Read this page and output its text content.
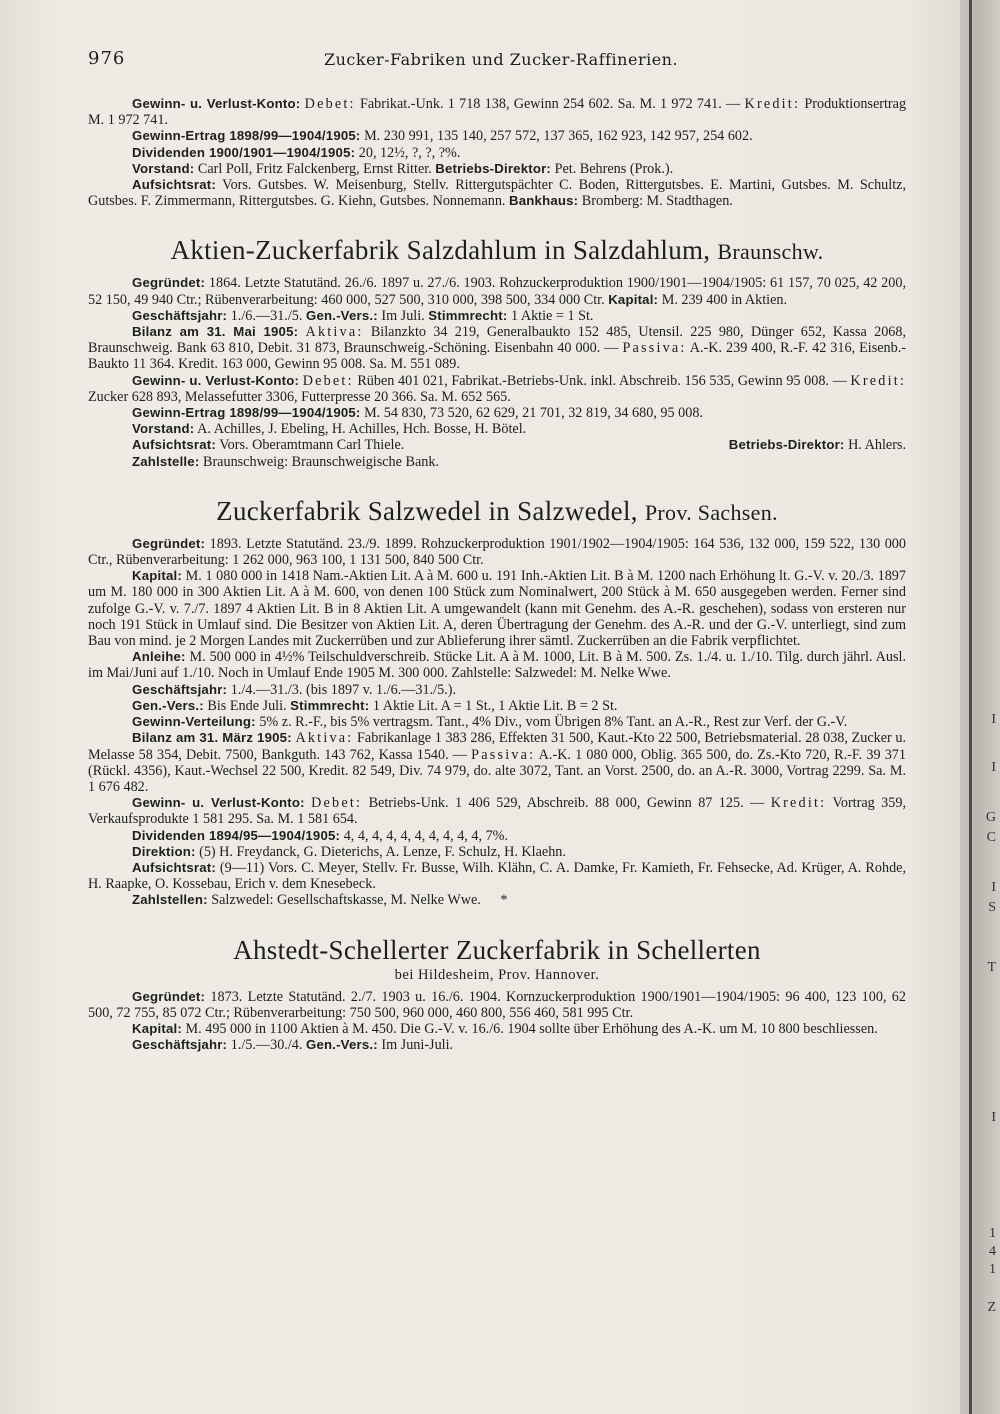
976	Zucker-Fabriken und Zucker-Raffinerien.

Gewinn- u. Verlust-Konto: Debet: Fabrikat.-Unk. 1 718 138, Gewinn 254 602. Sa. M. 1 972 741. — Kredit: Produktionsertrag M. 1 972 741.

Gewinn-Ertrag 1898/99—1904/1905: M. 230 991, 135 140, 257 572, 137 365, 162 923, 142 957, 254 602.

Dividenden 1900/1901—1904/1905: 20, 12½, ?, ?, ?%.

Vorstand: Carl Poll, Fritz Falckenberg, Ernst Ritter. Betriebs-Direktor: Pet. Behrens (Prok.).

Aufsichtsrat: Vors. Gutsbes. W. Meisenburg, Stellv. Rittergutspächter C. Boden, Rittergutsbes. E. Martini, Gutsbes. M. Schultz, Gutsbes. F. Zimmermann, Rittergutsbes. G. Kiehn, Gutsbes. Nonnemann. Bankhaus: Bromberg: M. Stadthagen.

Aktien-Zuckerfabrik Salzdahlum in Salzdahlum, Braunschw.

Gegründet: 1864. Letzte Statutänd. 26./6. 1897 u. 27./6. 1903. Rohzuckerproduktion 1900/1901—1904/1905: 61 157, 70 025, 42 200, 52 150, 49 940 Ctr.; Rübenverarbeitung: 460 000, 527 500, 310 000, 398 500, 334 000 Ctr. Kapital: M. 239 400 in Aktien.

Geschäftsjahr: 1./6.—31./5. Gen.-Vers.: Im Juli. Stimmrecht: 1 Aktie = 1 St.

Bilanz am 31. Mai 1905: Aktiva: Bilanzkto 34 219, Generalbaukto 152 485, Utensil. 225 980, Dünger 652, Kassa 2068, Braunschweig. Bank 63 810, Debit. 31 873, Braunschweig.-Schöning. Eisenbahn 40 000. — Passiva: A.-K. 239 400, R.-F. 42 316, Eisenb.-Baukto 11 364. Kredit. 163 000, Gewinn 95 008. Sa. M. 551 089.

Gewinn- u. Verlust-Konto: Debet: Rüben 401 021, Fabrikat.-Betriebs-Unk. inkl. Abschreib. 156 535, Gewinn 95 008. — Kredit: Zucker 628 893, Melassefutter 3306, Futterpresse 20 366. Sa. M. 652 565.

Gewinn-Ertrag 1898/99—1904/1905: M. 54 830, 73 520, 62 629, 21 701, 32 819, 34 680, 95 008.

Vorstand: A. Achilles, J. Ebeling, H. Achilles, Hch. Bosse, H. Bötel.

Aufsichtsrat: Vors. Oberamtmann Carl Thiele.	Betriebs-Direktor: H. Ahlers.

Zahlstelle: Braunschweig: Braunschweigische Bank.

Zuckerfabrik Salzwedel in Salzwedel, Prov. Sachsen.

Gegründet: 1893. Letzte Statutänd. 23./9. 1899. Rohzuckerproduktion 1901/1902—1904/1905: 164 536, 132 000, 159 522, 130 000 Ctr., Rübenverarbeitung: 1 262 000, 963 100, 1 131 500, 840 500 Ctr.

Kapital: M. 1 080 000 in 1418 Nam.-Aktien Lit. A à M. 600 u. 191 Inh.-Aktien Lit. B à M. 1200 nach Erhöhung lt. G.-V. v. 20./3. 1897 um M. 180 000 in 300 Aktien Lit. A à M. 600, von denen 100 Stück zum Nominalwert, 200 Stück à M. 650 ausgegeben werden. Ferner sind zufolge G.-V. v. 7./7. 1897 4 Aktien Lit. B in 8 Aktien Lit. A umgewandelt (kann mit Genehm. des A.-R. geschehen), sodass von ersteren nur noch 191 Stück in Umlauf sind. Die Besitzer von Aktien Lit. A, deren Übertragung der Genehm. des A.-R. und der G.-V. unterliegt, sind zum Bau von mind. je 2 Morgen Landes mit Zuckerrüben und zur Ablieferung ihrer sämtl. Zuckerrüben an die Fabrik verpflichtet.

Anleihe: M. 500 000 in 4½% Teilschuldverschreib. Stücke Lit. A à M. 1000, Lit. B à M. 500. Zs. 1./4. u. 1./10. Tilg. durch jährl. Ausl. im Mai/Juni auf 1./10. Noch in Umlauf Ende 1905 M. 300 000. Zahlstelle: Salzwedel: M. Nelke Wwe.

Geschäftsjahr: 1./4.—31./3. (bis 1897 v. 1./6.—31./5.).

Gen.-Vers.: Bis Ende Juli. Stimmrecht: 1 Aktie Lit. A = 1 St., 1 Aktie Lit. B = 2 St.

Gewinn-Verteilung: 5% z. R.-F., bis 5% vertragsm. Tant., 4% Div., vom Übrigen 8% Tant. an A.-R., Rest zur Verf. der G.-V.

Bilanz am 31. März 1905: Aktiva: Fabrikanlage 1 383 286, Effekten 31 500, Kaut.-Kto 22 500, Betriebsmaterial. 28 038, Zucker u. Melasse 58 354, Debit. 7500, Bankguth. 143 762, Kassa 1540. — Passiva: A.-K. 1 080 000, Oblig. 365 500, do. Zs.-Kto 720, R.-F. 39 371 (Rückl. 4356), Kaut.-Wechsel 22 500, Kredit. 82 549, Div. 74 979, do. alte 3072, Tant. an Vorst. 2500, do. an A.-R. 3000, Vortrag 2299. Sa. M. 1 676 482.

Gewinn- u. Verlust-Konto: Debet: Betriebs-Unk. 1 406 529, Abschreib. 88 000, Gewinn 87 125. — Kredit: Vortrag 359, Verkaufsprodukte 1 581 295. Sa. M. 1 581 654.

Dividenden 1894/95—1904/1905: 4, 4, 4, 4, 4, 4, 4, 4, 4, 4, 7%.

Direktion: (5) H. Freydanck, G. Dieterichs, A. Lenze, F. Schulz, H. Klaehn.

Aufsichtsrat: (9—11) Vors. C. Meyer, Stellv. Fr. Busse, Wilh. Klähn, C. A. Damke, Fr. Kamieth, Fr. Fehsecke, Ad. Krüger, A. Rohde, H. Raapke, O. Kossebau, Erich v. dem Knesebeck.

Zahlstellen: Salzwedel: Gesellschaftskasse, M. Nelke Wwe. *

Ahstedt-Schellerter Zuckerfabrik in Schellerten
bei Hildesheim, Prov. Hannover.

Gegründet: 1873. Letzte Statutänd. 2./7. 1903 u. 16./6. 1904. Kornzuckerproduktion 1900/1901—1904/1905: 96 400, 123 100, 62 500, 72 755, 85 072 Ctr.; Rübenverarbeitung: 750 500, 960 000, 460 800, 556 460, 581 995 Ctr.

Kapital: M. 495 000 in 1100 Aktien à M. 450. Die G.-V. v. 16./6. 1904 sollte über Erhöhung des A.-K. um M. 10 800 beschliessen.

Geschäftsjahr: 1./5.—30./4. Gen.-Vers.: Im Juni-Juli.

I
I
G
C
I
S
T
I
1
4
1
Z
